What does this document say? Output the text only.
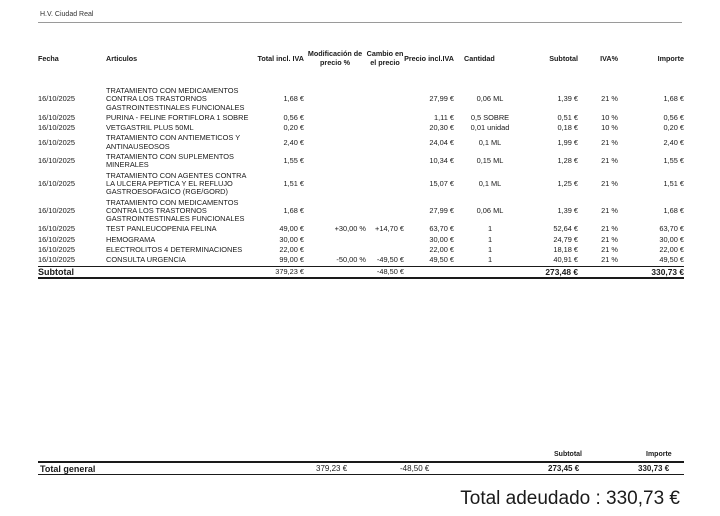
H.V. Ciudad Real
Fecha	Articulos	Total incl. IVA	Modificación de precio %	Cambio en el precio	Precio incl.IVA	Cantidad	Subtotal	IVA%	Importe
16/10/2025	TRATAMIENTO CON MEDICAMENTOS CONTRA LOS TRASTORNOS GASTROINTESTINALES FUNCIONALES	1,68 €			27,99 €	0,06 ML	1,39 €	21 %	1,68 €
16/10/2025	PURINA - FELINE FORTIFLORA 1 SOBRE	0,56 €			1,11 €	0,5 SOBRE	0,51 €	10 %	0,56 €
16/10/2025	VETGASTRIL PLUS 50ML	0,20 €			20,30 €	0,01 unidad	0,18 €	10 %	0,20 €
16/10/2025	TRATAMIENTO CON ANTIEMETICOS Y ANTINAUSEOSOS	2,40 €			24,04 €	0,1 ML	1,99 €	21 %	2,40 €
16/10/2025	TRATAMIENTO CON SUPLEMENTOS MINERALES	1,55 €			10,34 €	0,15 ML	1,28 €	21 %	1,55 €
16/10/2025	TRATAMIENTO CON AGENTES CONTRA LA ULCERA PEPTICA Y EL REFLUJO GASTROESOFAGICO (RGE/GORD)	1,51 €			15,07 €	0,1 ML	1,25 €	21 %	1,51 €
16/10/2025	TRATAMIENTO CON MEDICAMENTOS CONTRA LOS TRASTORNOS GASTROINTESTINALES FUNCIONALES	1,68 €			27,99 €	0,06 ML	1,39 €	21 %	1,68 €
16/10/2025	TEST PANLEUCOPENIA FELINA	49,00 €	+30,00 %	+14,70 €	63,70 €	1	52,64 €	21 %	63,70 €
16/10/2025	HEMOGRAMA	30,00 €			30,00 €	1	24,79 €	21 %	30,00 €
16/10/2025	ELECTROLITOS 4 DETERMINACIONES	22,00 €			22,00 €	1	18,18 €	21 %	22,00 €
16/10/2025	CONSULTA URGENCIA	99,00 €	-50,00 %	-49,50 €	49,50 €	1	40,91 €	21 %	49,50 €
Subtotal		379,23 €		-48,50 €			273,48 €		330,73 €
Subtotal	Importe
Total general	379,23 €	-48,50 €	273,45 €	330,73 €
Total adeudado : 330,73 €
